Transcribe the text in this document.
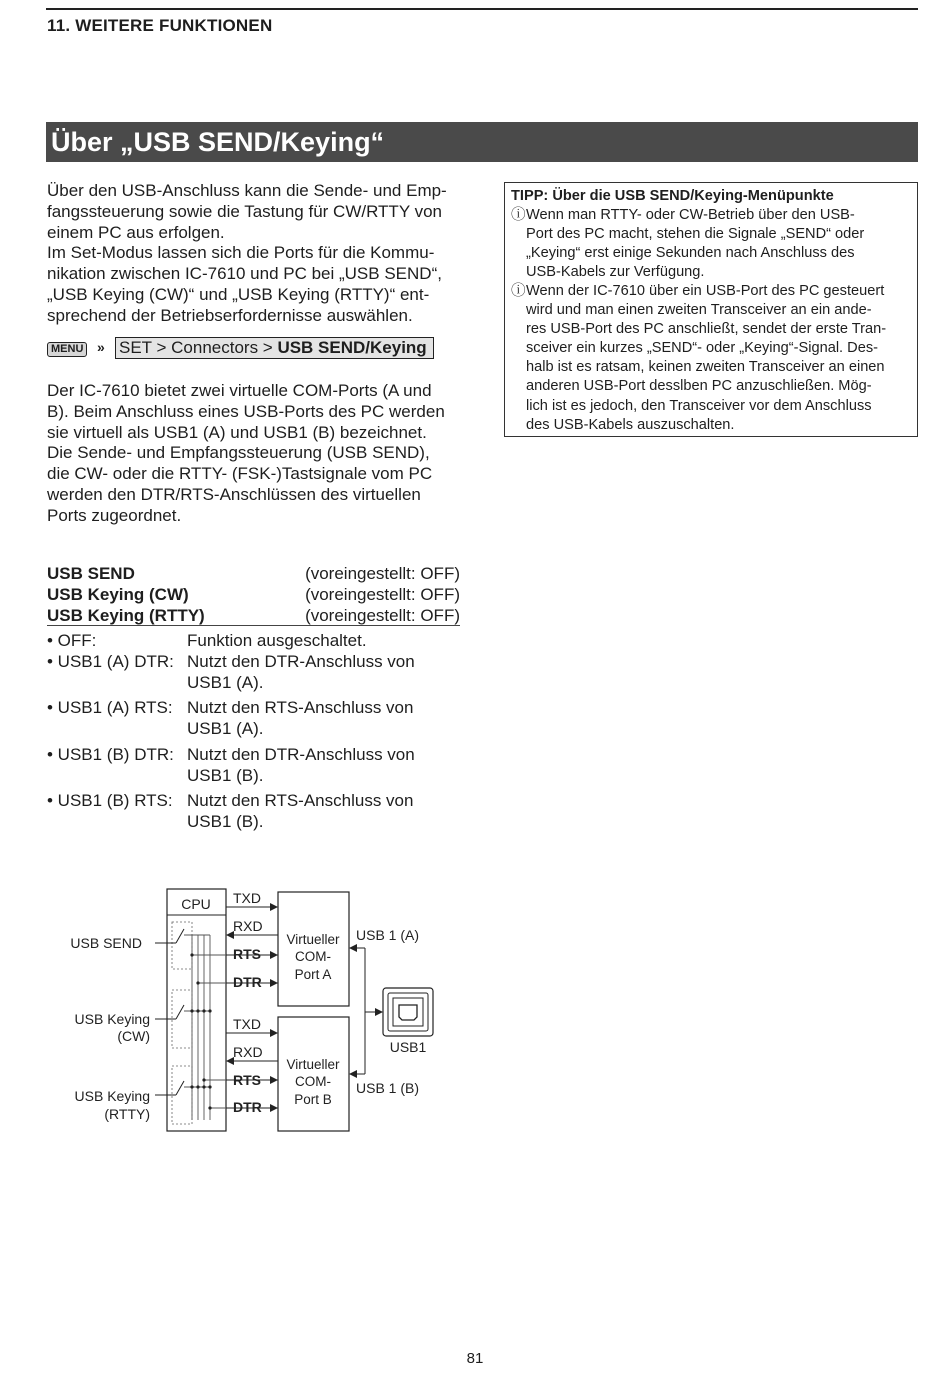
11. WEITERE FUNKTIONEN
Über „USB SEND/Keying“
Über den USB-Anschluss kann die Sende- und Emp-
fangssteuerung sowie die Tastung für CW/RTTY von
einem PC aus erfolgen.
Im Set-Modus lassen sich die Ports für die Kommu-
nikation zwischen IC-7610 und PC bei „USB SEND“,
„USB Keying (CW)“ und „USB Keying (RTTY)“ ent-
sprechend der Betriebserfordernisse auswählen.
MENU » SET > Connectors > USB SEND/Keying
Der IC-7610 bietet zwei virtuelle COM-Ports (A und
B). Beim Anschluss eines USB-Ports des PC werden
sie virtuell als USB1 (A) und USB1 (B) bezeichnet.
Die Sende- und Empfangssteuerung (USB SEND),
die CW- oder die RTTY- (FSK-)Tastsignale vom PC
werden den DTR/RTS-Anschlüssen des virtuellen
Ports zugeordnet.
USB SEND	(voreingestellt: OFF)
USB Keying (CW)	(voreingestellt: OFF)
USB Keying (RTTY)	(voreingestellt: OFF)
• OFF:	Funktion ausgeschaltet.
• USB1 (A) DTR: Nutzt den DTR-Anschluss von
USB1 (A).
• USB1 (A) RTS: Nutzt den RTS-Anschluss von
USB1 (A).
• USB1 (B) DTR: Nutzt den DTR-Anschluss von
USB1 (B).
• USB1 (B) RTS: Nutzt den RTS-Anschluss von
USB1 (B).
TIPP: Über die USB SEND/Keying-Menüpunkte
ⓘ Wenn man RTTY- oder CW-Betrieb über den USB-
Port des PC macht, stehen die Signale „SEND“ oder
„Keying“ erst einige Sekunden nach Anschluss des
USB-Kabels zur Verfügung.
ⓘ Wenn der IC-7610 über ein USB-Port des PC gesteuert
wird und man einen zweiten Transceiver an ein ande-
res USB-Port des PC anschließt, sendet der erste Tran-
sceiver ein kurzes „SEND“- oder „Keying“-Signal. Des-
halb ist es ratsam, keinen zweiten Transceiver an einen
anderen USB-Port desslben PC anzuschließen. Mög-
lich ist es jedoch, den Transceiver vor dem Anschluss
des USB-Kabels auszuschalten.
CPU
USB SEND
USB Keying
(CW)
USB Keying
(RTTY)
TXD
RXD
RTS
DTR
TXD
RXD
RTS
DTR
Virtueller
COM-
Port A
Virtueller
COM-
Port B
USB 1 (A)
USB 1 (B)
USB1
81
